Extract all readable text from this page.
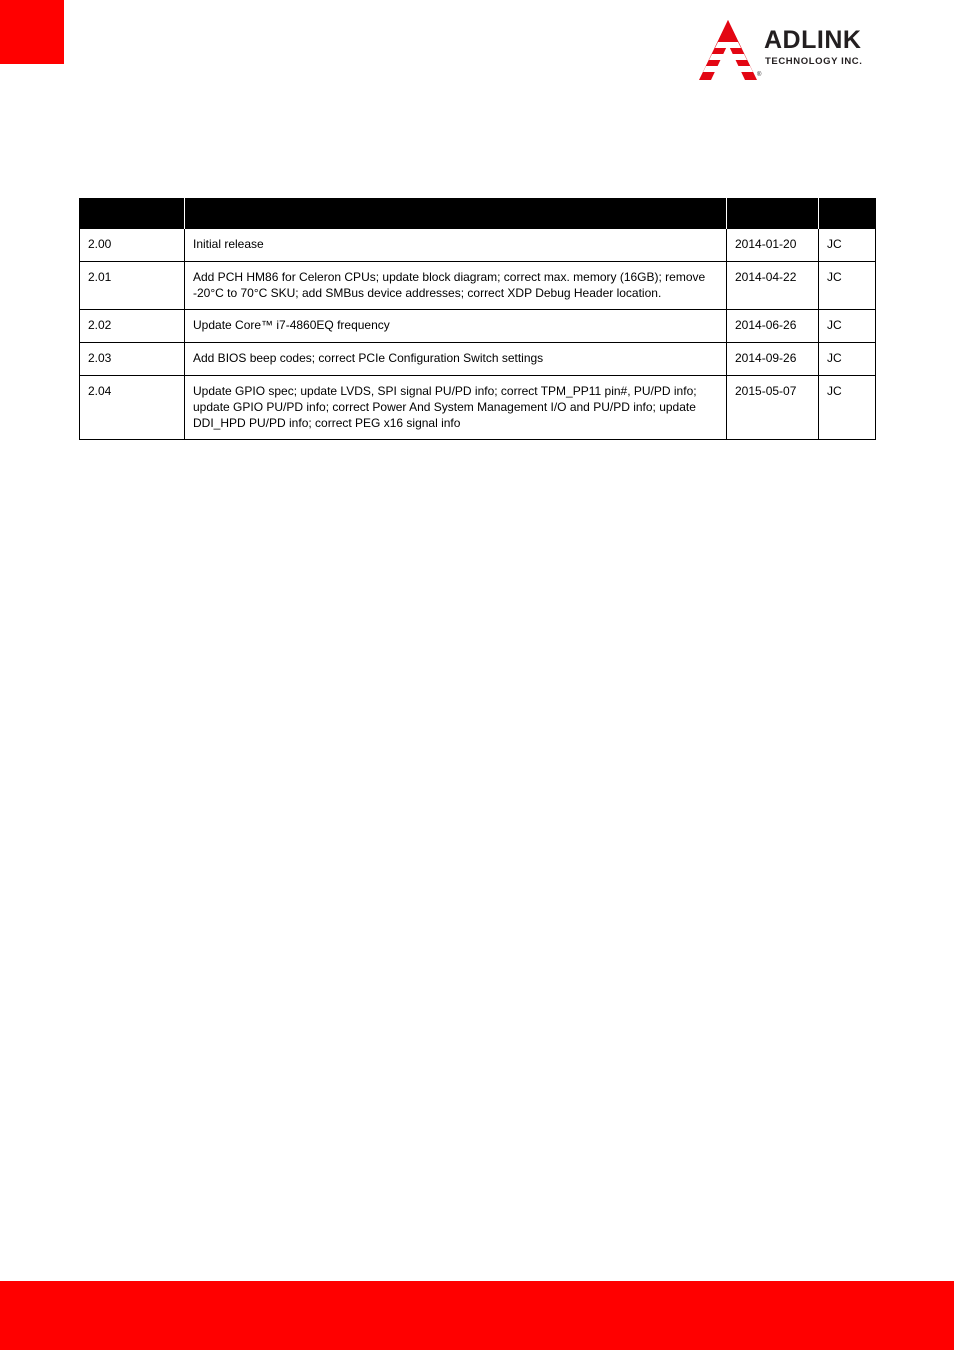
ADLINK
TECHNOLOGY INC.
®

2.00	Initial release	2014-01-20	JC
2.01	Add PCH HM86 for Celeron CPUs; update block diagram; correct max. memory (16GB); remove -20°C to 70°C SKU; add SMBus device addresses; correct XDP Debug Header location.	2014-04-22	JC
2.02	Update Core™ i7-4860EQ frequency	2014-06-26	JC
2.03	Add BIOS beep codes; correct PCIe Configuration Switch settings	2014-09-26	JC
2.04	Update GPIO spec; update LVDS, SPI signal PU/PD info; correct TPM_PP11 pin#, PU/PD info; update GPIO PU/PD info; correct Power And System Management I/O and PU/PD info; update DDI_HPD PU/PD info; correct PEG x16 signal info	2015-05-07	JC
